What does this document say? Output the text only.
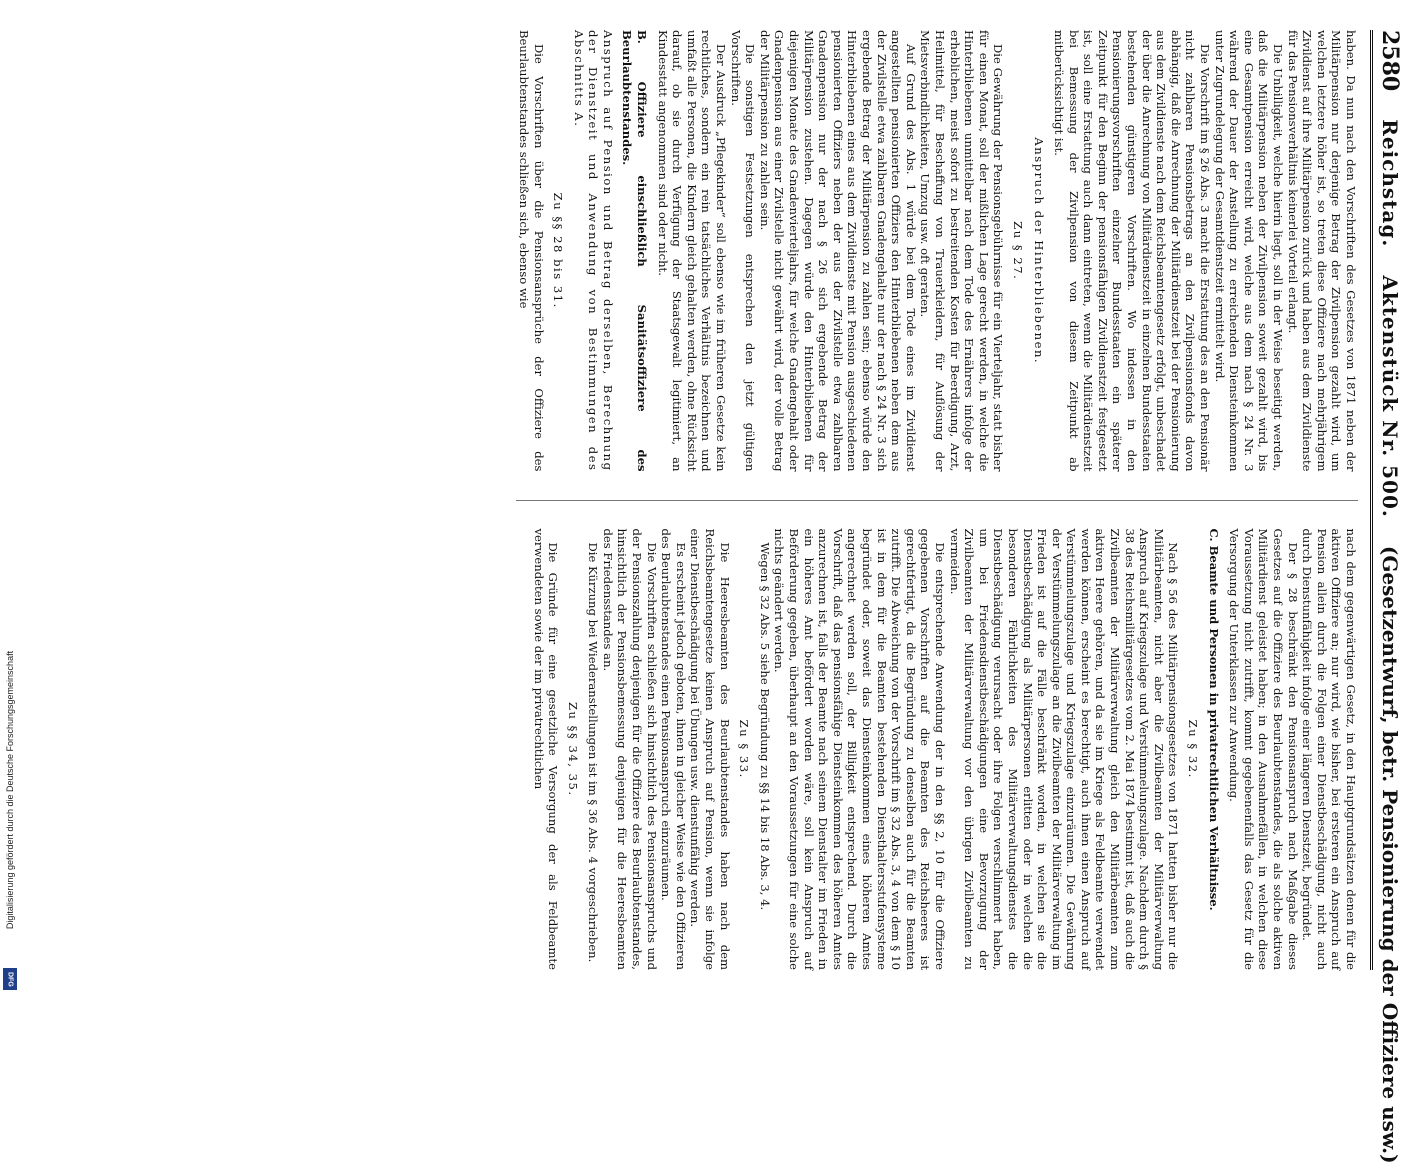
2580
Reichstag.
Aktenstück Nr. 500.
(Gesetzentwurf, betr. Pensionierung der Offiziere usw.)

haben. Da nun nach den Vorschriften des Gesetzes von 1871 neben der Militärpension nur derjenige Betrag der Zivilpension gezahlt wird, um welchen letztere höher ist, so treten diese Offiziere nach mehrjährigem Zivildienst auf ihre Militärpension zurück und haben aus dem Zivildienste für das Pensionsverhältnis keinerlei Vorteil erlangt.

Die Unbilligkeit, welche hierin liegt, soll in der Weise beseitigt werden, daß die Militärpension neben der Zivilpension soweit gezahlt wird, bis eine Gesamtpension erreicht wird, welche aus dem nach § 24 Nr. 3 während der Dauer der Anstellung zu erreichenden Diensteinkommen unter Zugrundelegung der Gesamtdienstzeit ermittelt wird.

Die Vorschrift im § 26 Abs. 3 macht die Erstattung des an den Pensionär nicht zahlbaren Pensionsbetrags an den Zivilpensionsfonds davon abhängig, daß die Anrechnung der Militärdienstzeit bei der Pensionierung aus dem Zivildienste nach dem Reichsbeamtengesetz erfolgt, unbeschadet der über die Anrechnung von Militärdienstzeit in einzelnen Bundesstaaten bestehenden günstigeren Vorschriften. Wo indessen in den Pensionierungsvorschriften einzelner Bundesstaaten ein späterer Zeitpunkt für den Beginn der pensionsfähigen Zivildienstzeit festgesetzt ist, soll eine Erstattung auch dann eintreten, wenn die Militärdienstzeit bei Bemessung der Zivilpension von diesem Zeitpunkt ab mitberücksichtigt ist.

Anspruch der Hinterbliebenen.

Zu § 27.

Die Gewährung der Pensionsgebührnisse für ein Vierteljahr, statt bisher für einen Monat, soll der mißlichen Lage gerecht werden, in welche die Hinterbliebenen unmittelbar nach dem Tode des Ernährers infolge der erheblichen, meist sofort zu bestreitenden Kosten für Beerdigung, Arzt, Heilmittel, für Beschaffung von Trauerkleidern, für Auflösung der Mietsverbindlichkeiten, Umzug usw. oft geraten.

Auf Grund des Abs. 1 würde bei dem Tode eines im Zivildienst angestellten pensionierten Offiziers den Hinterbliebenen neben dem aus der Zivilstelle etwa zahlbaren Gnadengehalte nur der nach § 24 Nr. 3 sich ergebende Betrag der Militärpension zu zahlen sein; ebenso würde den Hinterbliebenen eines aus dem Zivildienste mit Pension ausgeschiedenen pensionierten Offiziers neben der aus der Zivilstelle etwa zahlbaren Gnadenpension nur der nach § 26 sich ergebende Betrag der Militärpension zustehen. Dagegen würde den Hinterbliebenen für diejenigen Monate des Gnadenvierteljahrs, für welche Gnadengehalt oder Gnadenpension aus einer Zivilstelle nicht gewährt wird, der volle Betrag der Militärpension zu zahlen sein.

Die sonstigen Festsetzungen entsprechen den jetzt gültigen Vorschriften.

Der Ausdruck „Pflegekinder“ soll ebenso wie im früheren Gesetze kein rechtliches, sondern ein rein tatsächliches Verhältnis bezeichnen und umfaßt alle Personen, die Kindern gleich gehalten werden, ohne Rücksicht darauf, ob sie durch Verfügung der Staatsgewalt legitimiert, an Kindesstatt angenommen sind oder nicht.

B. Offiziere einschließlich Sanitätsoffiziere des Beurlaubtenstandes.

Anspruch auf Pension und Betrag derselben, Berechnung der Dienstzeit und Anwendung von Bestimmungen des Abschnitts A.

Zu §§ 28 bis 31.

Die Vorschriften über die Pensionsansprüche der Offiziere des Beurlaubtenstandes schließen sich, ebenso wie

nach dem gegenwärtigen Gesetz, in den Hauptgrundsätzen denen für die aktiven Offiziere an; nur wird, wie bisher, bei ersteren ein Anspruch auf Pension allein durch die Folgen einer Dienstbeschädigung, nicht auch durch Dienstunfähigkeit infolge einer längeren Dienstzeit, begründet.

Der § 28 beschränkt den Pensionsanspruch nach Maßgabe dieses Gesetzes auf die Offiziere des Beurlaubtenstandes, die als solche aktiven Militärdienst geleistet haben; in den Ausnahmefällen, in welchen diese Voraussetzung nicht zutrifft, kommt gegebenenfalls das Gesetz für die Versorgung der Unterklassen zur Anwendung.

C. Beamte und Personen in privatrechtlichen Verhältnisse.

Zu § 32.

Nach § 56 des Militärpensionsgesetzes von 1871 hatten bisher nur die Militärbeamten, nicht aber die Zivilbeamten der Militärverwaltung Anspruch auf Kriegszulage und Verstümmelungszulage. Nachdem durch § 38 des Reichsmilitärgesetzes vom 2. Mai 1874 bestimmt ist, daß auch die Zivilbeamten der Militärverwaltung gleich den Militärbeamten zum aktiven Heere gehören, und da sie im Kriege als Feldbeamte verwendet werden können, erscheint es berechtigt, auch ihnen einen Anspruch auf Verstümmelungszulage und Kriegszulage einzuräumen. Die Gewährung der Verstümmelungszulage an die Zivilbeamten der Militärverwaltung im Frieden ist auf die Fälle beschränkt worden, in welchen sie die Dienstbeschädigung als Militärpersonen erlitten oder in welchen die besonderen Fährlichkeiten des Militärverwaltungsdienstes die Dienstbeschädigung verursacht oder ihre Folgen verschlimmert haben, um bei Friedensdienstbeschädigungen eine Bevorzugung der Zivilbeamten der Militärverwaltung vor den übrigen Zivilbeamten zu vermeiden.

Die entsprechende Anwendung der in den §§ 2, 10 für die Offiziere gegebenen Vorschriften auf die Beamten des Reichsheeres ist gerechtfertigt, da die Begründung zu denselben auch für die Beamten zutrifft. Die Abweichung von der Vorschrift im § 32 Abs. 3, 4 von dem § 10 ist in dem für die Beamten bestehenden Diensthaltersstufensysteme begründet oder, soweit das Diensteinkommen eines höheren Amtes angerechnet werden soll, der Billigkeit entsprechend. Durch die Vorschrift, daß das pensionsfähige Diensteinkommen des höheren Amtes anzurechnen ist, falls der Beamte nach seinem Dienstalter im Frieden in ein höheres Amt befördert worden wäre, soll kein Anspruch auf Beförderung gegeben, überhaupt an den Voraussetzungen für eine solche nichts geändert werden.

Wegen § 32 Abs. 5 siehe Begründung zu §§ 14 bis 18 Abs. 3, 4.

Zu § 33.

Die Heeresbeamten des Beurlaubtenstandes haben nach dem Reichsbeamtengesetze keinen Anspruch auf Pension, wenn sie infolge einer Dienstbeschädigung bei Übungen usw. dienstunfähig werden.

Es erscheint jedoch geboten, ihnen in gleicher Weise wie den Offizieren des Beurlaubtenstandes einen Pensionsanspruch einzuräumen.

Die Vorschriften schließen sich hinsichtlich des Pensionsanspruchs und der Pensionszahlung denjenigen für die Offiziere des Beurlaubtenstandes, hinsichtlich der Pensionsbemessung denjenigen für die Heeresbeamten des Friedensstandes an.

Die Kürzung bei Wiederanstellungen ist im § 36 Abs. 4 vorgeschrieben.

Zu §§ 34, 35.

Die Gründe für eine gesetzliche Versorgung der als Feldbeamte verwendeten sowie der im privatrechtlichen

Digitalisierung gefördert durch die Deutsche Forschungsgemeinschaft
DFG
